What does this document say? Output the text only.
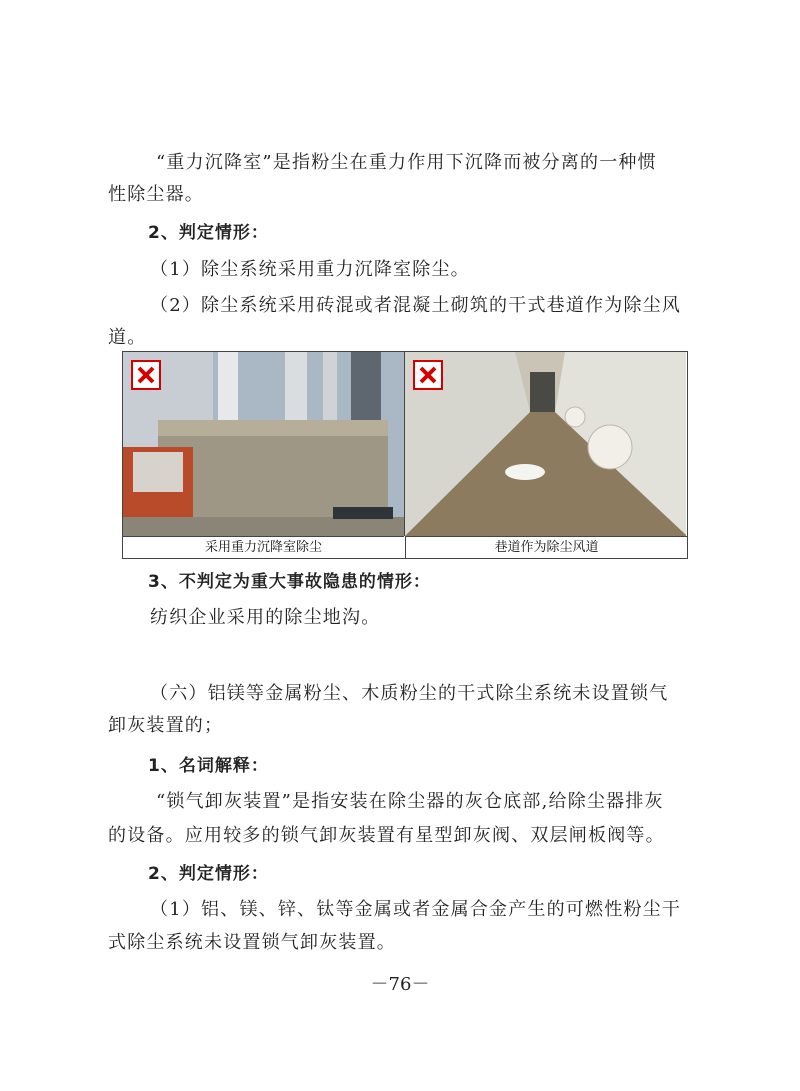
“重力沉降室”是指粉尘在重力作用下沉降而被分离的一种惯
性除尘器。
2、判定情形：
（1）除尘系统采用重力沉降室除尘。
（2）除尘系统采用砖混或者混凝土砌筑的干式巷道作为除尘风
道。
采用重力沉降室除尘	巷道作为除尘风道
3、不判定为重大事故隐患的情形：
纺织企业采用的除尘地沟。
（六）铝镁等金属粉尘、木质粉尘的干式除尘系统未设置锁气
卸灰装置的；
1、名词解释：
“锁气卸灰装置”是指安装在除尘器的灰仓底部,给除尘器排灰
的设备。应用较多的锁气卸灰装置有星型卸灰阀、双层闸板阀等。
2、判定情形：
（1）铝、镁、锌、钛等金属或者金属合金产生的可燃性粉尘干
式除尘系统未设置锁气卸灰装置。
－76－
